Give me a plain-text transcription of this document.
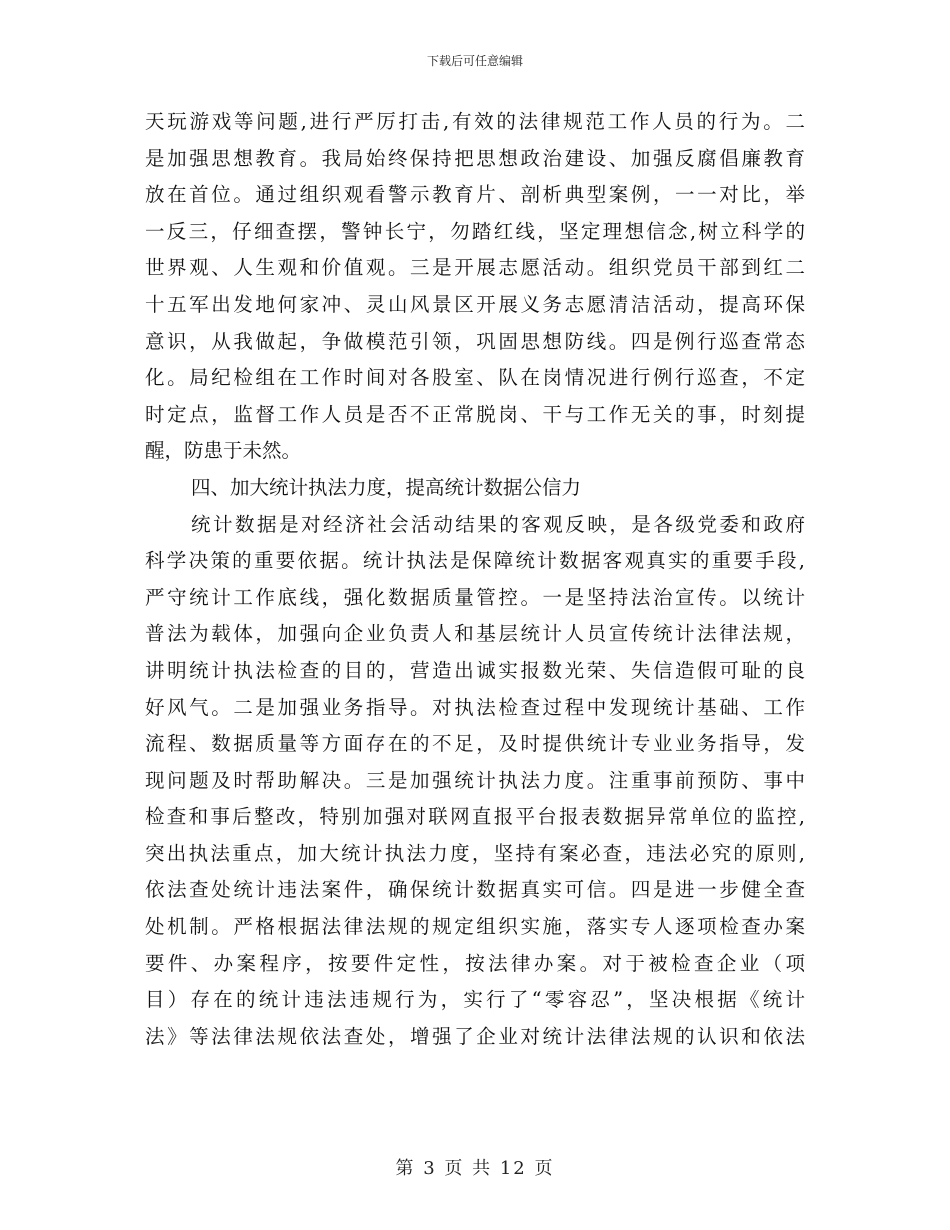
下载后可任意编辑
天玩游戏等问题,进行严厉打击,有效的法律规范工作人员的行为。二
是加强思想教育。我局始终保持把思想政治建设、加强反腐倡廉教育
放在首位。通过组织观看警示教育片、剖析典型案例，一一对比，举
一反三，仔细查摆，警钟长宁，勿踏红线，坚定理想信念,树立科学的
世界观、人生观和价值观。三是开展志愿活动。组织党员干部到红二
十五军出发地何家冲、灵山风景区开展义务志愿清洁活动，提高环保
意识，从我做起，争做模范引领，巩固思想防线。四是例行巡查常态
化。局纪检组在工作时间对各股室、队在岗情况进行例行巡查，不定
时定点，监督工作人员是否不正常脱岗、干与工作无关的事，时刻提
醒，防患于未然。
四、加大统计执法力度，提高统计数据公信力
统计数据是对经济社会活动结果的客观反映，是各级党委和政府
科学决策的重要依据。统计执法是保障统计数据客观真实的重要手段,
严守统计工作底线，强化数据质量管控。一是坚持法治宣传。以统计
普法为载体，加强向企业负责人和基层统计人员宣传统计法律法规，
讲明统计执法检查的目的，营造出诚实报数光荣、失信造假可耻的良
好风气。二是加强业务指导。对执法检查过程中发现统计基础、工作
流程、数据质量等方面存在的不足，及时提供统计专业业务指导，发
现问题及时帮助解决。三是加强统计执法力度。注重事前预防、事中
检查和事后整改，特别加强对联网直报平台报表数据异常单位的监控,
突出执法重点，加大统计执法力度，坚持有案必查，违法必究的原则,
依法查处统计违法案件，确保统计数据真实可信。四是进一步健全查
处机制。严格根据法律法规的规定组织实施，落实专人逐项检查办案
要件、办案程序，按要件定性，按法律办案。对于被检查企业（项
目）存在的统计违法违规行为，实行了“零容忍”，坚决根据《统计
法》等法律法规依法查处，增强了企业对统计法律法规的认识和依法
第 3 页 共 12 页
